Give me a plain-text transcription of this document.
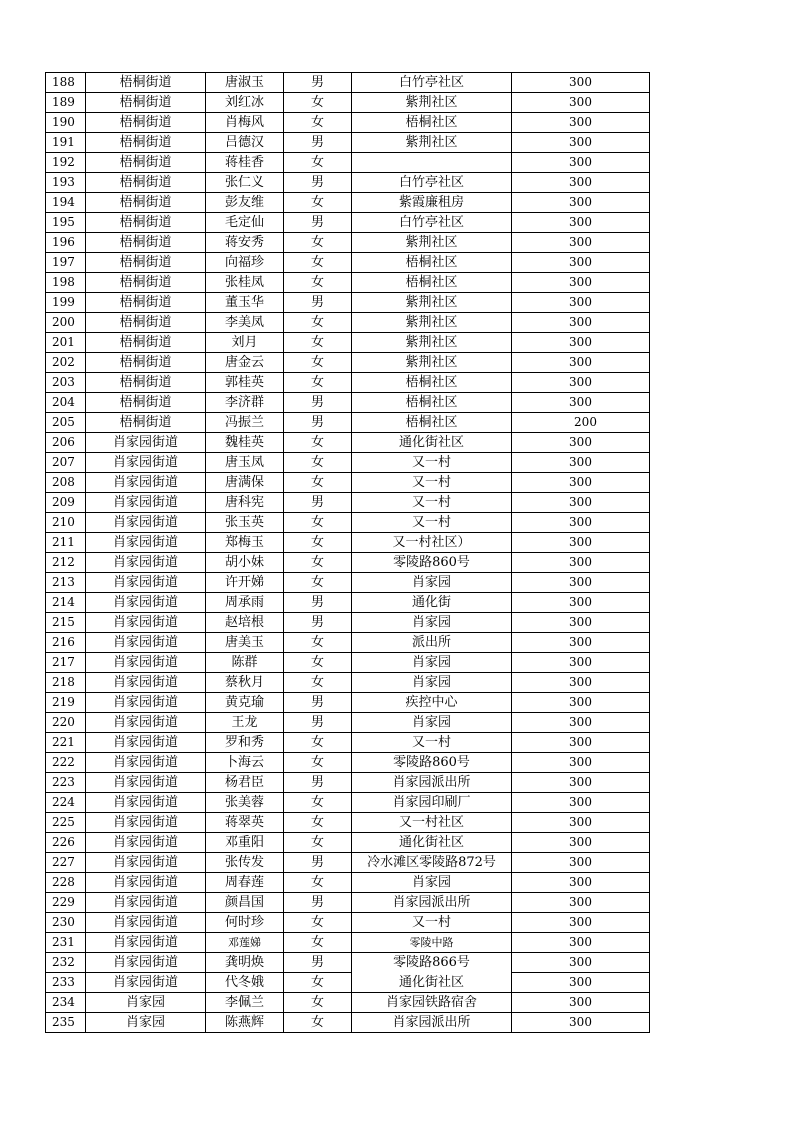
188	梧桐街道	唐淑玉	男	白竹亭社区	300
189	梧桐街道	刘红冰	女	紫荆社区	300
190	梧桐街道	肖梅风	女	梧桐社区	300
191	梧桐街道	吕德汉	男	紫荆社区	300
192	梧桐街道	蒋桂香	女		300
193	梧桐街道	张仁义	男	白竹亭社区	300
194	梧桐街道	彭友维	女	紫霞廉租房	300
195	梧桐街道	毛定仙	男	白竹亭社区	300
196	梧桐街道	蒋安秀	女	紫荆社区	300
197	梧桐街道	向福珍	女	梧桐社区	300
198	梧桐街道	张桂凤	女	梧桐社区	300
199	梧桐街道	董玉华	男	紫荆社区	300
200	梧桐街道	李美凤	女	紫荆社区	300
201	梧桐街道	刘月	女	紫荆社区	300
202	梧桐街道	唐金云	女	紫荆社区	300
203	梧桐街道	郭桂英	女	梧桐社区	300
204	梧桐街道	李济群	男	梧桐社区	300
205	梧桐街道	冯振兰	男	梧桐社区	200
206	肖家园街道	魏桂英	女	通化街社区	300
207	肖家园街道	唐玉凤	女	又一村	300
208	肖家园街道	唐满保	女	又一村	300
209	肖家园街道	唐科宪	男	又一村	300
210	肖家园街道	张玉英	女	又一村	300
211	肖家园街道	郑梅玉	女	又一村社区）	300
212	肖家园街道	胡小妹	女	零陵路860号	300
213	肖家园街道	许开娣	女	肖家园	300
214	肖家园街道	周承雨	男	通化街	300
215	肖家园街道	赵培根	男	肖家园	300
216	肖家园街道	唐美玉	女	派出所	300
217	肖家园街道	陈群	女	肖家园	300
218	肖家园街道	蔡秋月	女	肖家园	300
219	肖家园街道	黄克瑜	男	疾控中心	300
220	肖家园街道	王龙	男	肖家园	300
221	肖家园街道	罗和秀	女	又一村	300
222	肖家园街道	卜海云	女	零陵路860号	300
223	肖家园街道	杨君臣	男	肖家园派出所	300
224	肖家园街道	张美蓉	女	肖家园印刷厂	300
225	肖家园街道	蒋翠英	女	又一村社区	300
226	肖家园街道	邓重阳	女	通化街社区	300
227	肖家园街道	张传发	男	冷水滩区零陵路872号	300
228	肖家园街道	周春莲	女	肖家园	300
229	肖家园街道	颜昌国	男	肖家园派出所	300
230	肖家园街道	何时珍	女	又一村	300
231	肖家园街道	邓莲娣	女	零陵中路	300
232	肖家园街道	龚明焕	男	零陵路866号	300
233	肖家园街道	代冬娥	女	通化街社区	300
234	肖家园	李佩兰	女	肖家园铁路宿舍	300
235	肖家园	陈燕辉	女	肖家园派出所	300
